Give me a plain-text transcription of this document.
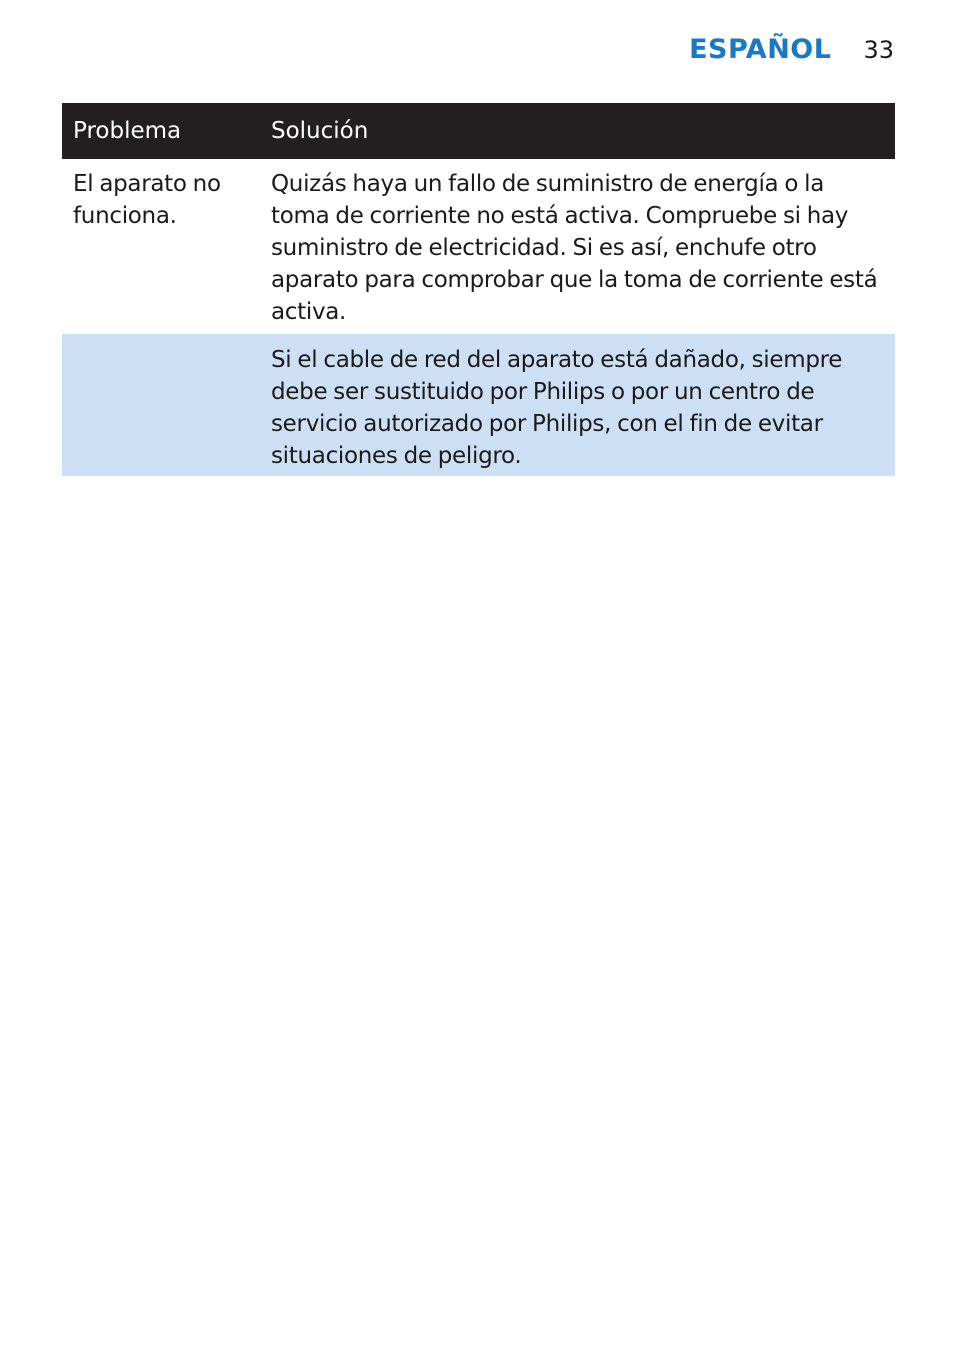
ESPAÑOL 33
Problema	Solución
El aparato no funciona.
Quizás haya un fallo de suministro de energía o la toma de corriente no está activa. Compruebe si hay suministro de electricidad. Si es así, enchufe otro aparato para comprobar que la toma de corriente está activa.
Si el cable de red del aparato está dañado, siempre debe ser sustituido por Philips o por un centro de servicio autorizado por Philips, con el fin de evitar situaciones de peligro.
